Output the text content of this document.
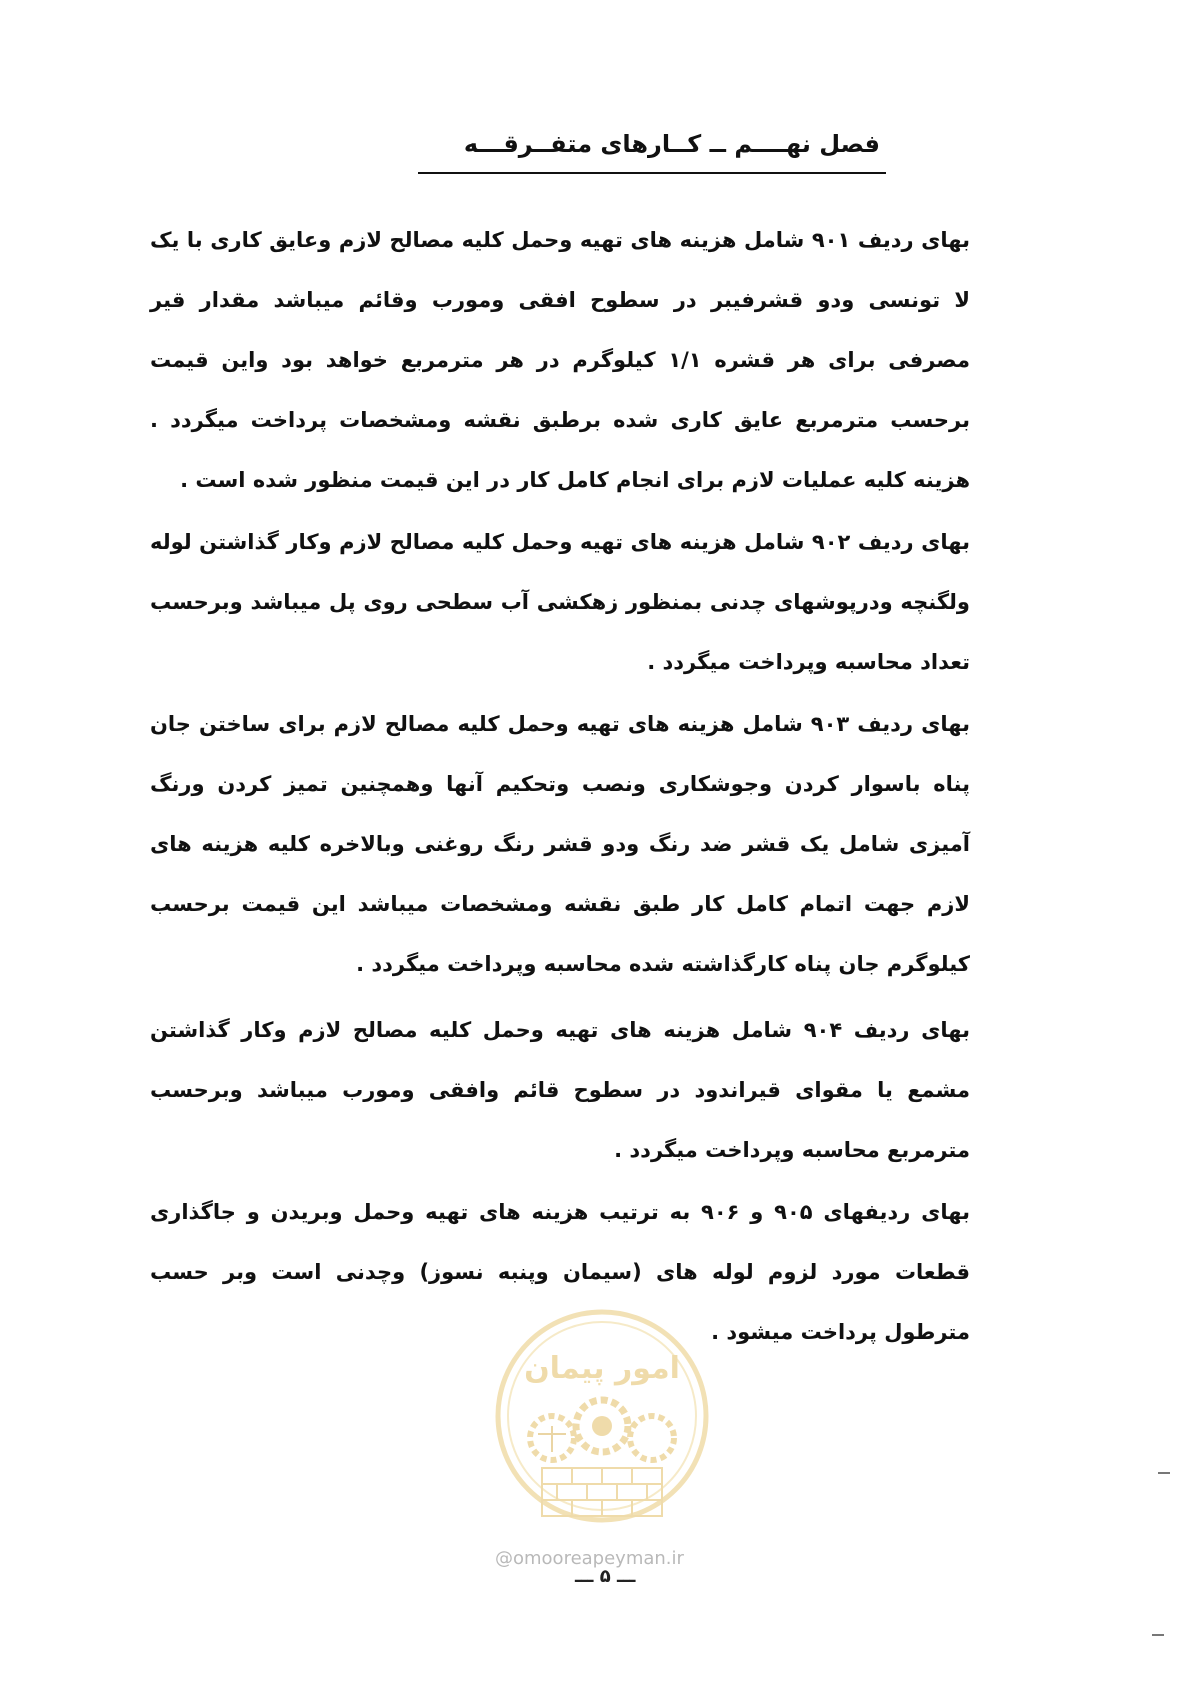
فصل نهــــم ــ کــارهای متفــرقـــه

بهای ردیف ۹۰۱ شامل هزینه های تهیه وحمل کلیه مصالح لازم وعایق کاری با یک لا تونسی ودو قشرفیبر در سطوح افقی ومورب وقائم میباشد مقدار قیر مصرفی برای هر قشره ۱/۱ کیلوگرم در هر مترمربع خواهد بود واین قیمت برحسب مترمربع عایق کاری شده برطبق نقشه ومشخصات پرداخت میگردد . هزینه کلیه عملیات لازم برای انجام کامل کار در این قیمت منظور شده است .

بهای ردیف ۹۰۲ شامل هزینه های تهیه وحمل کلیه مصالح لازم وکار گذاشتن لوله ولگنچه ودرپوشهای چدنی بمنظور زهکشی آب سطحی روی پل میباشد وبرحسب تعداد محاسبه وپرداخت میگردد .

بهای ردیف ۹۰۳ شامل هزینه های تهیه وحمل کلیه مصالح لازم برای ساختن جان پناه باسوار کردن وجوشکاری ونصب وتحکیم آنها وهمچنین تمیز کردن ورنگ آمیزی شامل یک قشر ضد رنگ ودو قشر رنگ روغنی وبالاخره کلیه هزینه های لازم جهت اتمام کامل کار طبق نقشه ومشخصات میباشد این قیمت برحسب کیلوگرم جان پناه کارگذاشته شده محاسبه وپرداخت میگردد .

بهای ردیف ۹۰۴ شامل هزینه های تهیه وحمل کلیه مصالح لازم وکار گذاشتن مشمع یا مقوای قیراندود در سطوح قائم وافقی ومورب میباشد وبرحسب مترمربع محاسبه وپرداخت میگردد .

بهای ردیفهای ۹۰۵ و ۹۰۶ به ترتیب هزینه های تهیه وحمل وبریدن و جاگذاری قطعات مورد لزوم لوله های (سیمان وپنبه نسوز) وچدنی است وبر حسب مترطول پرداخت میشود .

امور پیمان
@omooreapeyman.ir
ـــ ۵ ـــ
